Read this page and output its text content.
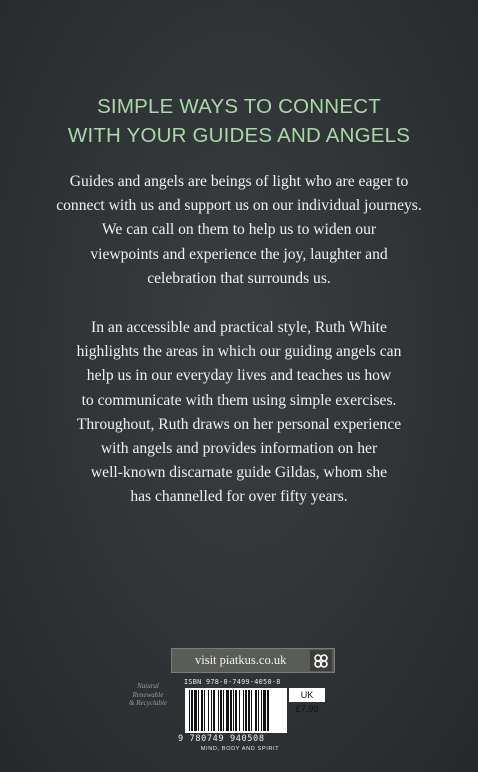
SIMPLE WAYS TO CONNECT
WITH YOUR GUIDES AND ANGELS
Guides and angels are beings of light who are eager to
connect with us and support us on our individual journeys.
We can call on them to help us to widen our
viewpoints and experience the joy, laughter and
celebration that surrounds us.
In an accessible and practical style, Ruth White
highlights the areas in which our guiding angels can
help us in our everyday lives and teaches us how
to communicate with them using simple exercises.
Throughout, Ruth draws on her personal experience
with angels and provides information on her
well-known discarnate guide Gildas, whom she
has channelled for over fifty years.
visit piatkus.co.uk
Natural
Renewable
& Recyclable
ISBN 978-0-7499-4050-8
UK £7.99
9 780749 940508
MIND, BODY AND SPIRIT
